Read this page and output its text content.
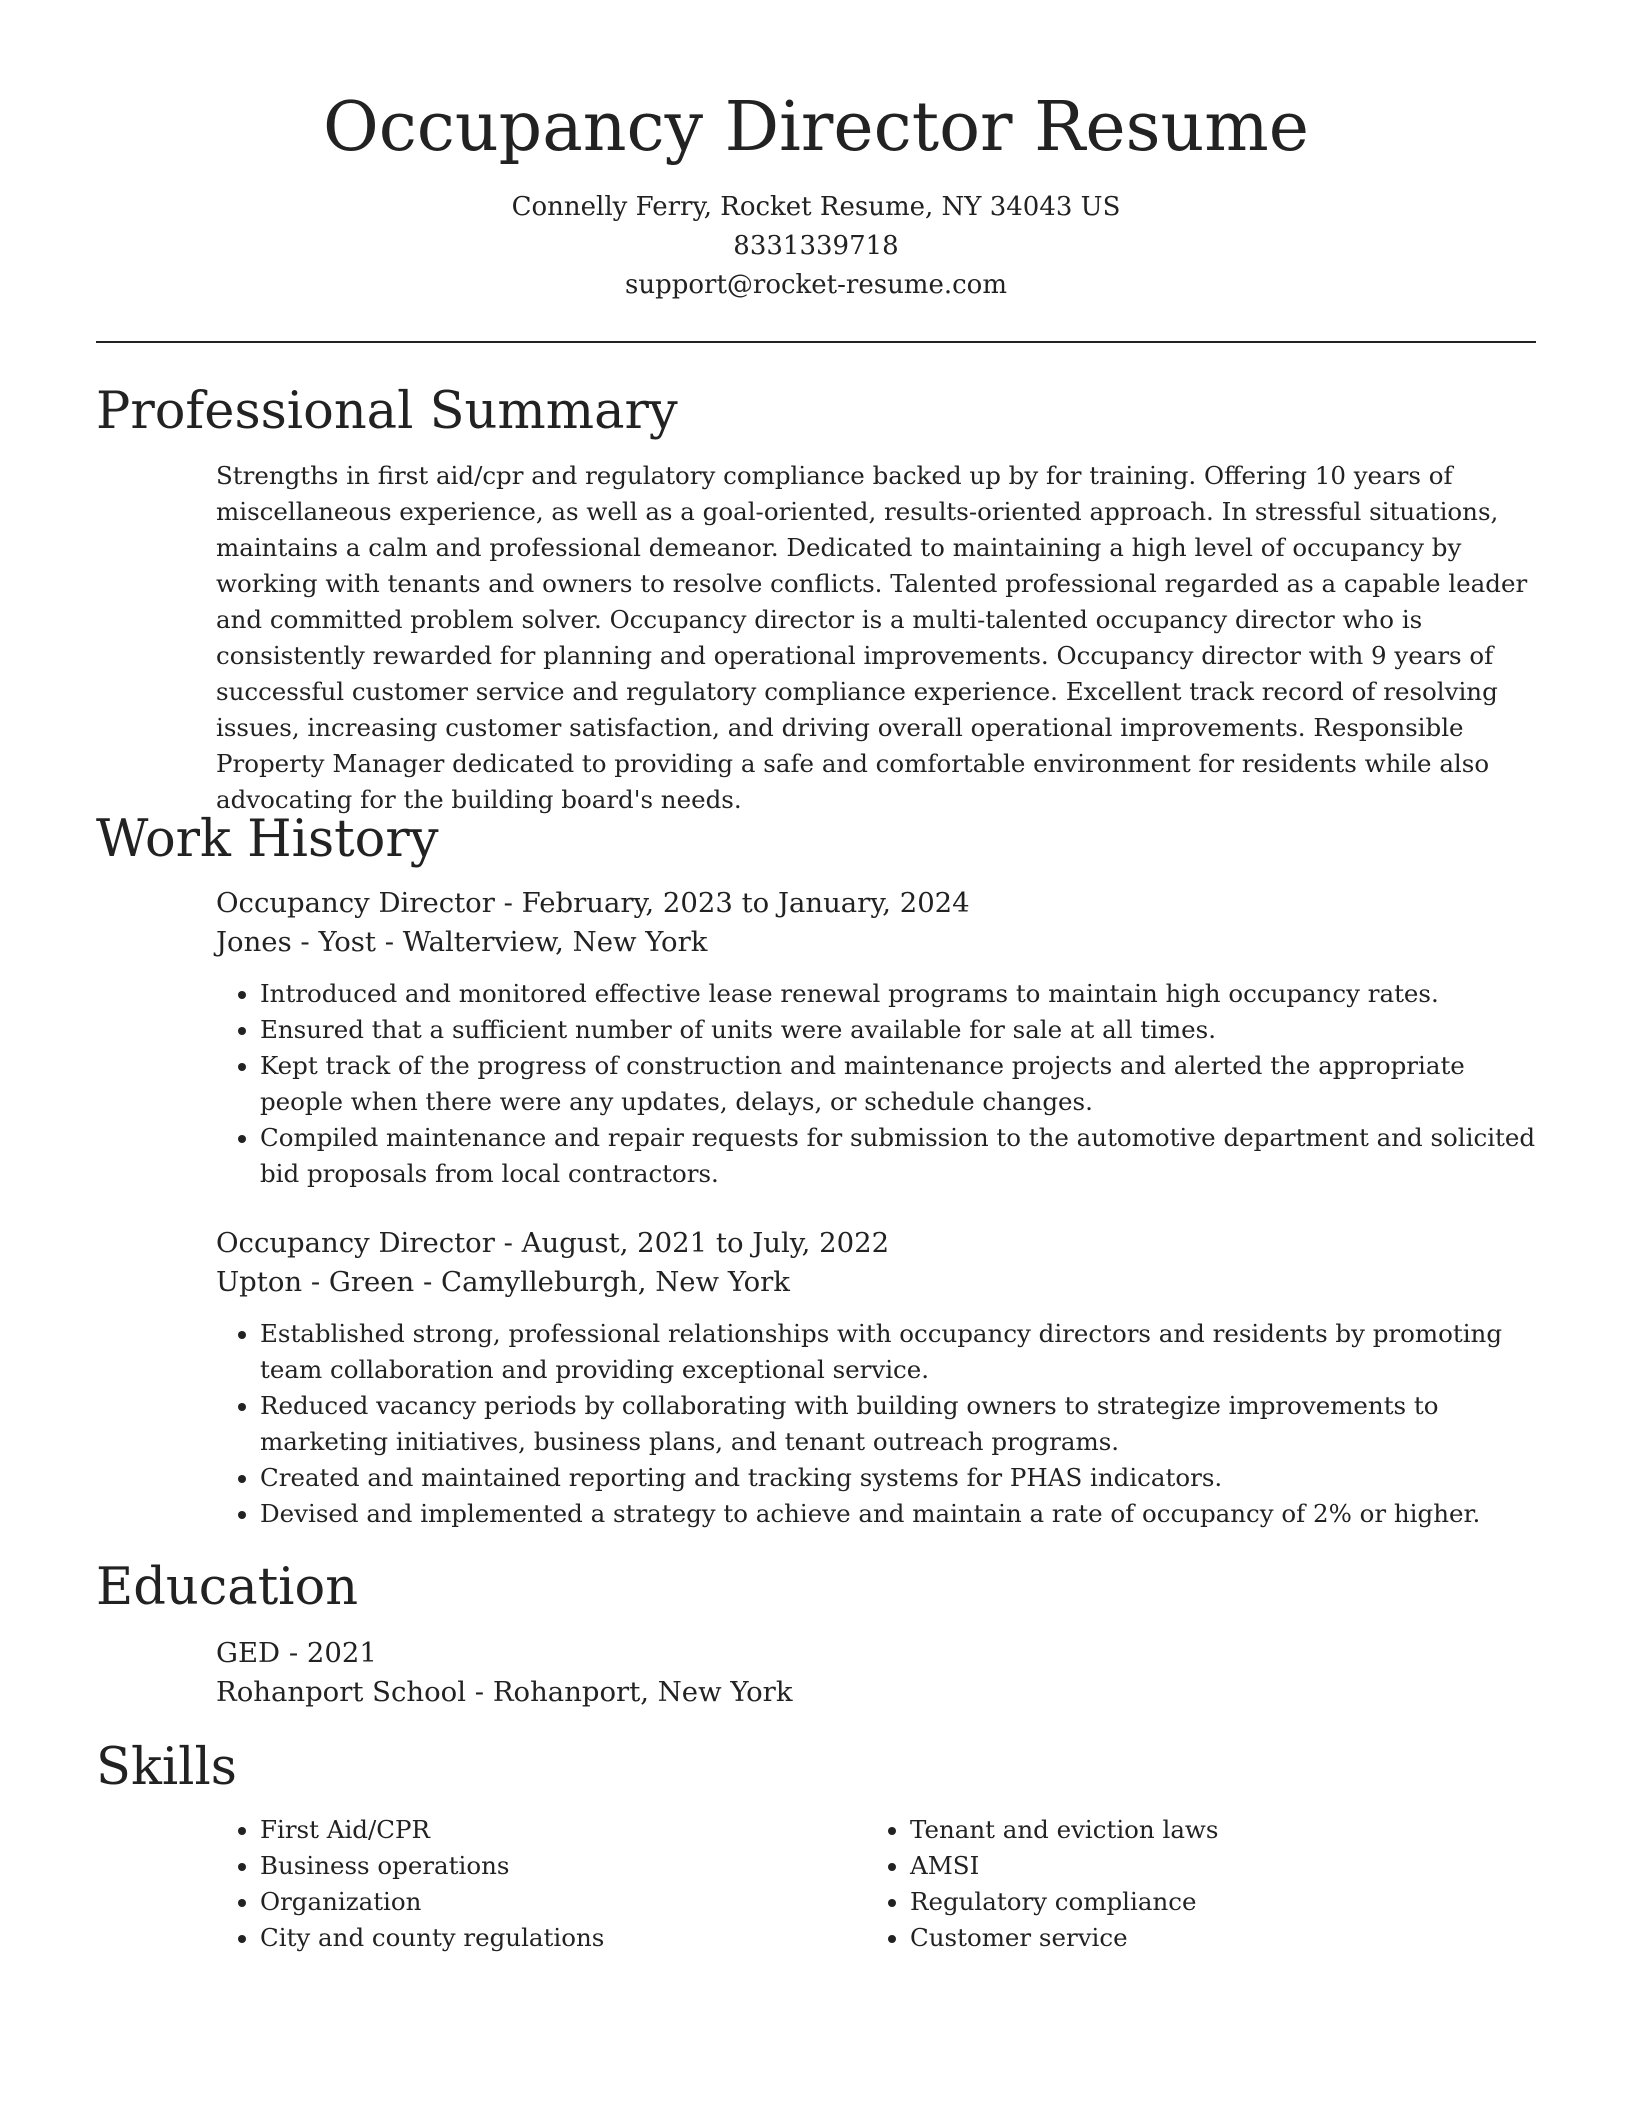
Occupancy Director Resume
Connelly Ferry, Rocket Resume, NY 34043 US
8331339718
support@rocket-resume.com
Professional Summary

Strengths in first aid/cpr and regulatory compliance backed up by for training. Offering 10 years of miscellaneous experience, as well as a goal-oriented, results-oriented approach. In stressful situations, maintains a calm and professional demeanor. Dedicated to maintaining a high level of occupancy by working with tenants and owners to resolve conflicts. Talented professional regarded as a capable leader and committed problem solver. Occupancy director is a multi-talented occupancy director who is consistently rewarded for planning and operational improvements. Occupancy director with 9 years of successful customer service and regulatory compliance experience. Excellent track record of resolving issues, increasing customer satisfaction, and driving overall operational improvements. Responsible Property Manager dedicated to providing a safe and comfortable environment for residents while also advocating for the building board's needs.

Work History
Occupancy Director - February, 2023 to January, 2024
Jones - Yost - Walterview, New York
• Introduced and monitored effective lease renewal programs to maintain high occupancy rates.
• Ensured that a sufficient number of units were available for sale at all times.
• Kept track of the progress of construction and maintenance projects and alerted the appropriate people when there were any updates, delays, or schedule changes.
• Compiled maintenance and repair requests for submission to the automotive department and solicited bid proposals from local contractors.
Occupancy Director - August, 2021 to July, 2022
Upton - Green - Camylleburgh, New York
• Established strong, professional relationships with occupancy directors and residents by promoting team collaboration and providing exceptional service.
• Reduced vacancy periods by collaborating with building owners to strategize improvements to marketing initiatives, business plans, and tenant outreach programs.
• Created and maintained reporting and tracking systems for PHAS indicators.
• Devised and implemented a strategy to achieve and maintain a rate of occupancy of 2% or higher.
Education
GED - 2021
Rohanport School - Rohanport, New York
Skills
• First Aid/CPR
• Business operations
• Organization
• City and county regulations
• Tenant and eviction laws
• AMSI
• Regulatory compliance
• Customer service
